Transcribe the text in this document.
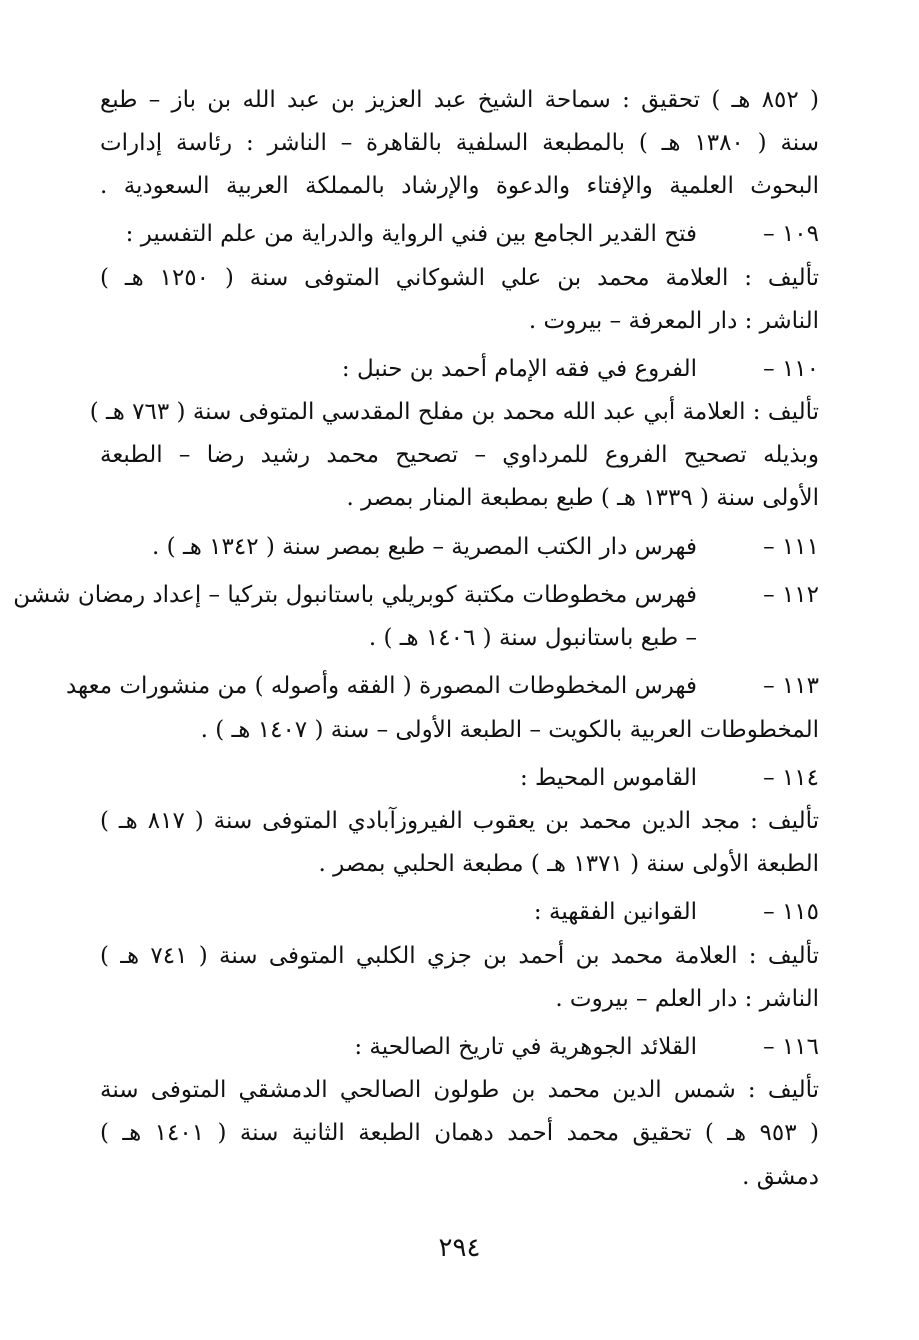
( ٨٥٢ هـ ) تحقيق : سماحة الشيخ عبد العزيز بن عبد الله بن باز – طبع
سنة ( ١٣٨٠ هـ ) بالمطبعة السلفية بالقاهرة – الناشر : رئاسة إدارات
البحوث العلمية والإفتاء والدعوة والإرشاد بالمملكة العربية السعودية .
١٠٩ –
فتح القدير الجامع بين فني الرواية والدراية من علم التفسير :
تأليف : العلامة محمد بن علي الشوكاني المتوفى سنة ( ١٢٥٠ هـ )
الناشر : دار المعرفة – بيروت .
١١٠ –
الفروع في فقه الإمام أحمد بن حنبل :
تأليف : العلامة أبي عبد الله محمد بن مفلح المقدسي المتوفى سنة ( ٧٦٣ هـ )
وبذيله تصحيح الفروع للمرداوي – تصحيح محمد رشيد رضا – الطبعة
الأولى سنة ( ١٣٣٩ هـ ) طبع بمطبعة المنار بمصر .
١١١ –
فهرس دار الكتب المصرية – طبع بمصر سنة ( ١٣٤٢ هـ ) .
١١٢ –
فهرس مخطوطات مكتبة كوبريلي باستانبول بتركيا – إعداد رمضان ششن
– طبع باستانبول سنة ( ١٤٠٦ هـ ) .
١١٣ –
فهرس المخطوطات المصورة ( الفقه وأصوله ) من منشورات معهد
المخطوطات العربية بالكويت – الطبعة الأولى – سنة ( ١٤٠٧ هـ ) .
١١٤ –
القاموس المحيط :
تأليف : مجد الدين محمد بن يعقوب الفيروزآبادي المتوفى سنة ( ٨١٧ هـ )
الطبعة الأولى سنة ( ١٣٧١ هـ ) مطبعة الحلبي بمصر .
١١٥ –
القوانين الفقهية :
تأليف : العلامة محمد بن أحمد بن جزي الكلبي المتوفى سنة ( ٧٤١ هـ )
الناشر : دار العلم – بيروت .
١١٦ –
القلائد الجوهرية في تاريخ الصالحية :
تأليف : شمس الدين محمد بن طولون الصالحي الدمشقي المتوفى سنة
( ٩٥٣ هـ ) تحقيق محمد أحمد دهمان الطبعة الثانية سنة ( ١٤٠١ هـ )
دمشق .
٢٩٤
